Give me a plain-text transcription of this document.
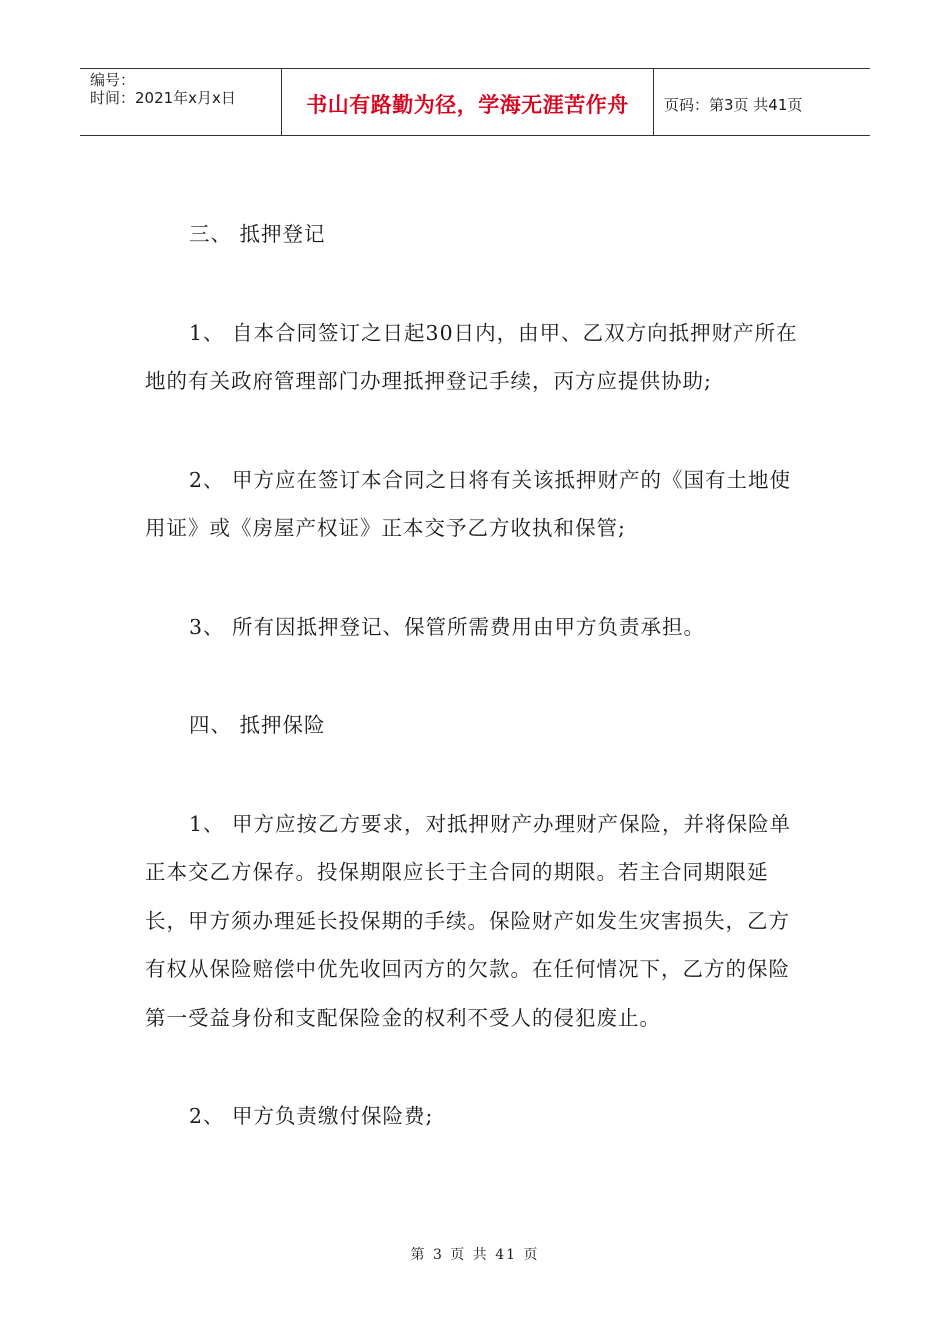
编号：
时间：2021年x月x日	书山有路勤为径，学海无涯苦作舟	页码：第3页 共41页

三、 抵押登记

1、 自本合同签订之日起30日内，由甲、乙双方向抵押财产所在地的有关政府管理部门办理抵押登记手续，丙方应提供协助;

2、 甲方应在签订本合同之日将有关该抵押财产的《国有土地使用证》或《房屋产权证》正本交予乙方收执和保管;

3、 所有因抵押登记、保管所需费用由甲方负责承担。

四、 抵押保险

1、 甲方应按乙方要求，对抵押财产办理财产保险，并将保险单正本交乙方保存。投保期限应长于主合同的期限。若主合同期限延长，甲方须办理延长投保期的手续。保险财产如发生灾害损失，乙方有权从保险赔偿中优先收回丙方的欠款。在任何情况下，乙方的保险第一受益身份和支配保险金的权利不受人的侵犯废止。

2、 甲方负责缴付保险费;

第 3 页 共 41 页
